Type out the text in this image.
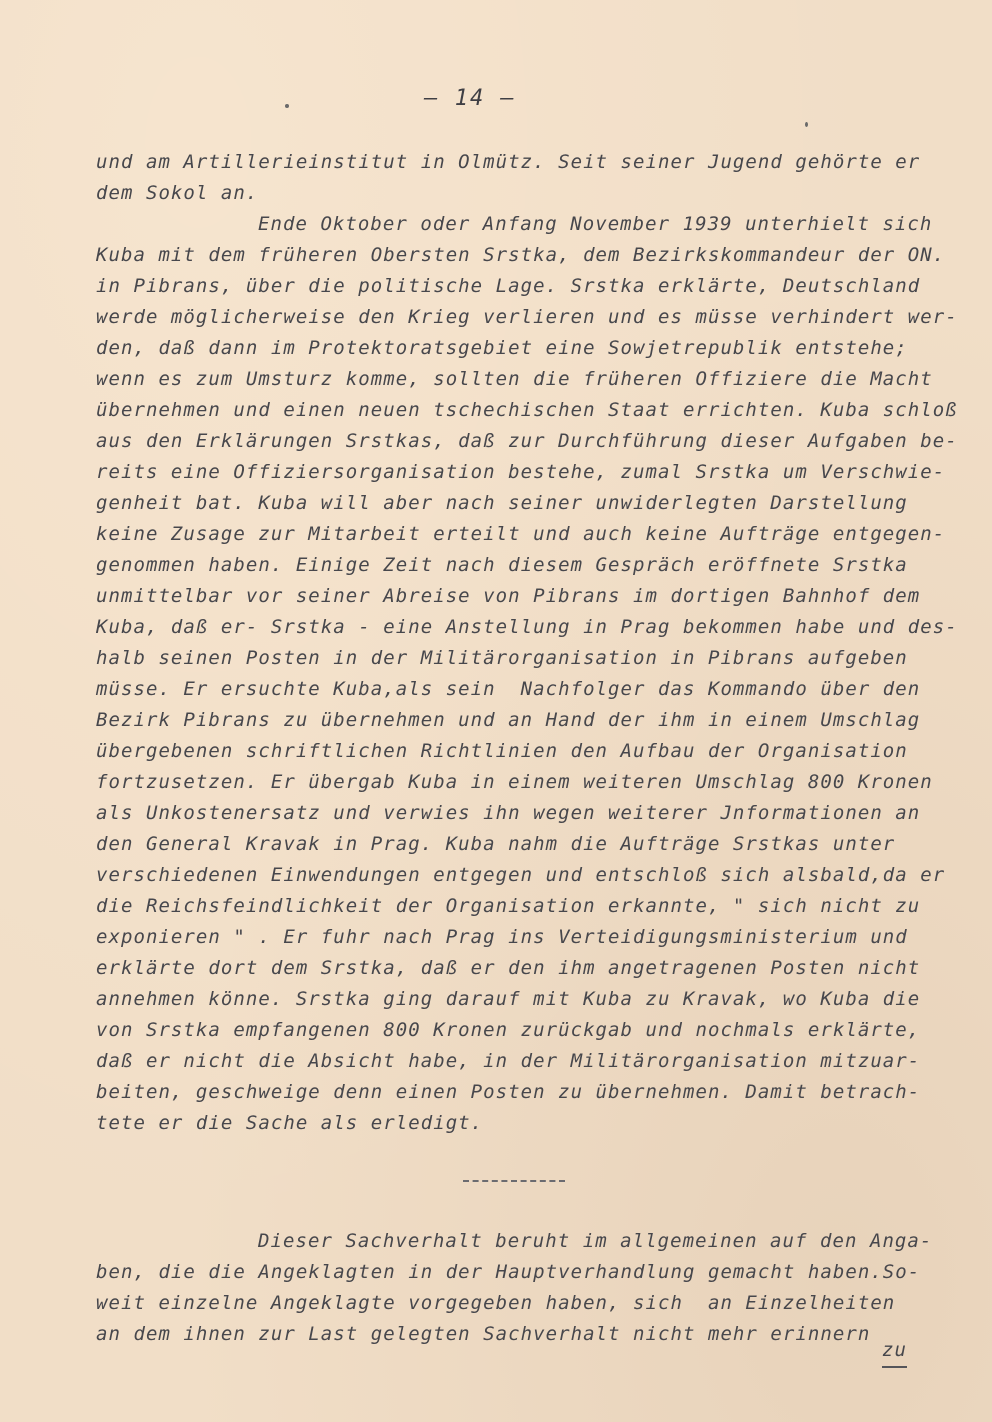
– 14 –
und am Artillerieinstitut in Olmütz. Seit seiner Jugend gehörte er
dem Sokol an.
Ende Oktober oder Anfang November 1939 unterhielt sich
Kuba mit dem früheren Obersten Srstka, dem Bezirkskommandeur der ON.
in Pibrans, über die politische Lage. Srstka erklärte, Deutschland
werde möglicherweise den Krieg verlieren und es müsse verhindert wer-
den, daß dann im Protektoratsgebiet eine Sowjetrepublik entstehe;
wenn es zum Umsturz komme, sollten die früheren Offiziere die Macht
übernehmen und einen neuen tschechischen Staat errichten. Kuba schloß
aus den Erklärungen Srstkas, daß zur Durchführung dieser Aufgaben be-
reits eine Offiziersorganisation bestehe, zumal Srstka um Verschwie-
genheit bat. Kuba will aber nach seiner unwiderlegten Darstellung
keine Zusage zur Mitarbeit erteilt und auch keine Aufträge entgegen-
genommen haben. Einige Zeit nach diesem Gespräch eröffnete Srstka
unmittelbar vor seiner Abreise von Pibrans im dortigen Bahnhof dem
Kuba, daß er- Srstka - eine Anstellung in Prag bekommen habe und des-
halb seinen Posten in der Militärorganisation in Pibrans aufgeben
müsse. Er ersuchte Kuba,als sein  Nachfolger das Kommando über den
Bezirk Pibrans zu übernehmen und an Hand der ihm in einem Umschlag
übergebenen schriftlichen Richtlinien den Aufbau der Organisation
fortzusetzen. Er übergab Kuba in einem weiteren Umschlag 800 Kronen
als Unkostenersatz und verwies ihn wegen weiterer Jnformationen an
den General Kravak in Prag. Kuba nahm die Aufträge Srstkas unter
verschiedenen Einwendungen entgegen und entschloß sich alsbald,da er
die Reichsfeindlichkeit der Organisation erkannte, " sich nicht zu
exponieren " . Er fuhr nach Prag ins Verteidigungsministerium und
erklärte dort dem Srstka, daß er den ihm angetragenen Posten nicht
annehmen könne. Srstka ging darauf mit Kuba zu Kravak, wo Kuba die
von Srstka empfangenen 800 Kronen zurückgab und nochmals erklärte,
daß er nicht die Absicht habe, in der Militärorganisation mitzuar-
beiten, geschweige denn einen Posten zu übernehmen. Damit betrach-
tete er die Sache als erledigt.
Dieser Sachverhalt beruht im allgemeinen auf den Anga-
ben, die die Angeklagten in der Hauptverhandlung gemacht haben.So-
weit einzelne Angeklagte vorgegeben haben, sich  an Einzelheiten
an dem ihnen zur Last gelegten Sachverhalt nicht mehr erinnern
zu
